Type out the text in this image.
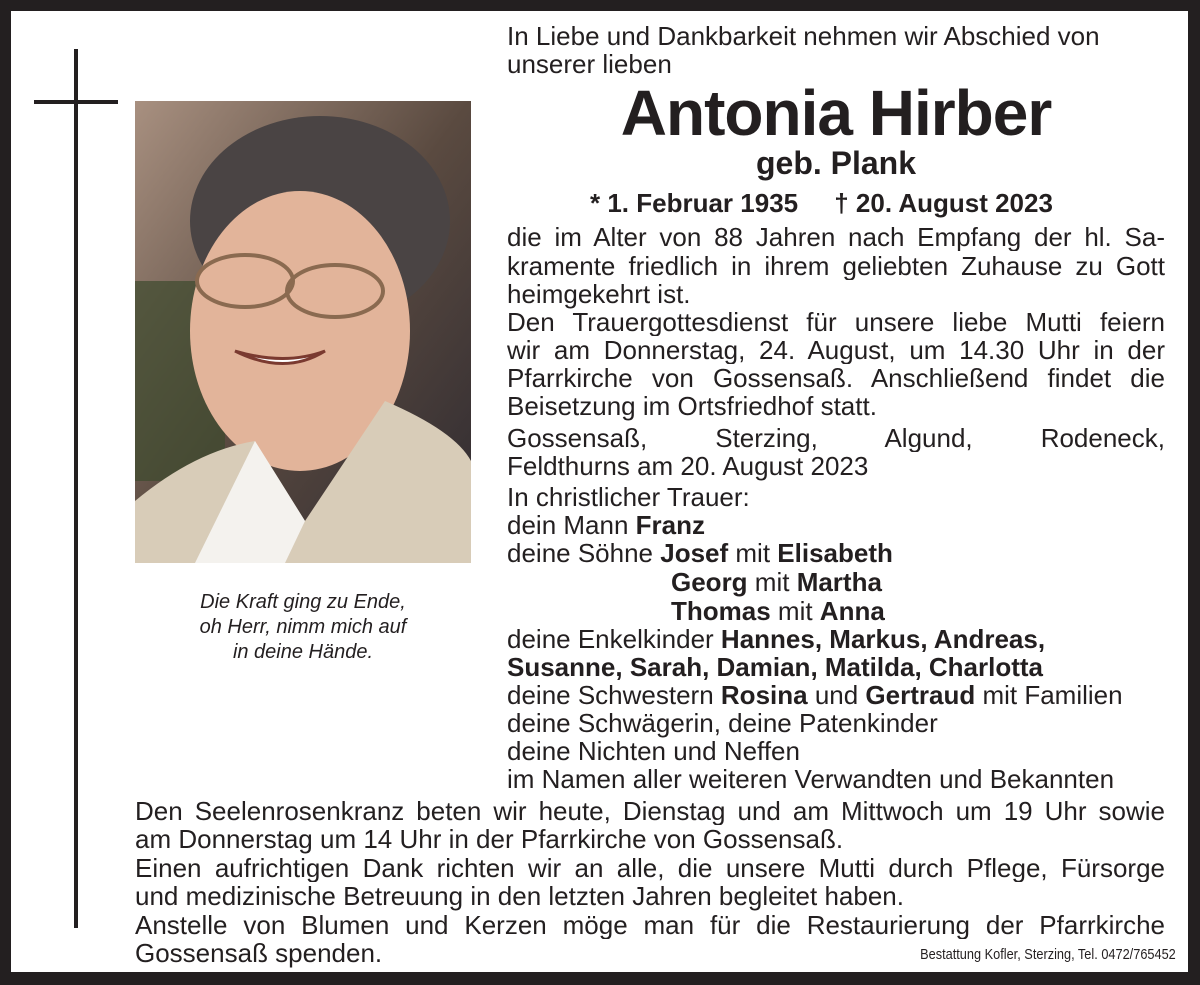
Die Kraft ging zu Ende,
oh Herr, nimm mich auf
in deine Hände.
In Liebe und Dankbarkeit nehmen wir Abschied von
unserer lieben
Antonia Hirber
geb. Plank
* 1. Februar 1935 † 20. August 2023
die im Alter von 88 Jahren nach Empfang der hl. Sa-
kramente friedlich in ihrem geliebten Zuhause zu Gott
heimgekehrt ist.
Den Trauergottesdienst für unsere liebe Mutti feiern
wir am Donnerstag, 24. August, um 14.30 Uhr in der
Pfarrkirche von Gossensaß. Anschließend findet die
Beisetzung im Ortsfriedhof statt.
Gossensaß, Sterzing, Algund, Rodeneck,
Feldthurns am 20. August 2023
In christlicher Trauer:
dein Mann Franz
deine Söhne Josef mit Elisabeth
Georg mit Martha
Thomas mit Anna
deine Enkelkinder Hannes, Markus, Andreas,
Susanne, Sarah, Damian, Matilda, Charlotta
deine Schwestern Rosina und Gertraud mit Familien
deine Schwägerin, deine Patenkinder
deine Nichten und Neffen
im Namen aller weiteren Verwandten und Bekannten
Den Seelenrosenkranz beten wir heute, Dienstag und am Mittwoch um 19 Uhr sowie
am Donnerstag um 14 Uhr in der Pfarrkirche von Gossensaß.
Einen aufrichtigen Dank richten wir an alle, die unsere Mutti durch Pflege, Fürsorge
und medizinische Betreuung in den letzten Jahren begleitet haben.
Anstelle von Blumen und Kerzen möge man für die Restaurierung der Pfarrkirche
Gossensaß spenden.	Bestattung Kofler, Sterzing, Tel. 0472/765452
